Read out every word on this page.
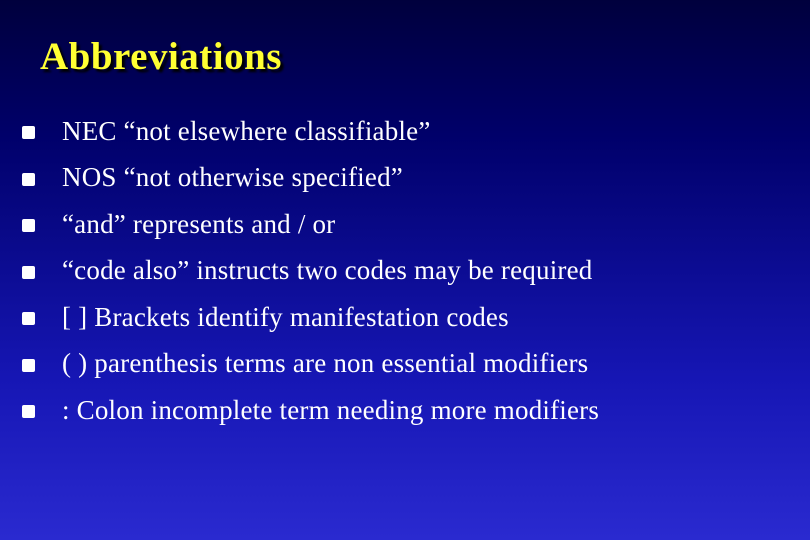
Abbreviations
NEC “not elsewhere classifiable”
NOS “not otherwise specified”
“and” represents and / or
“code also” instructs two codes may be required
[ ] Brackets identify manifestation codes
( ) parenthesis terms are non essential modifiers
: Colon incomplete term needing more modifiers
